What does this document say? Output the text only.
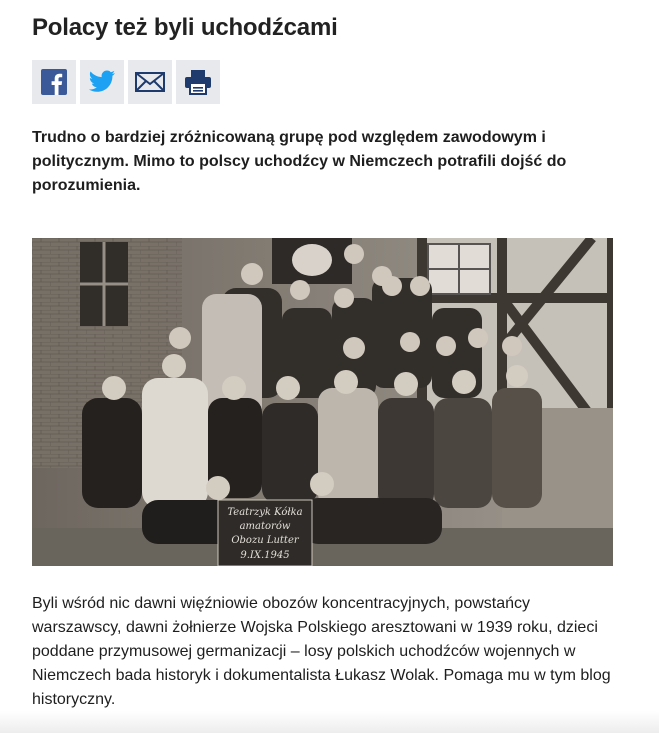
Polacy też byli uchodźcami

Trudno o bardziej zróżnicowaną grupę pod względem zawodowym i politycznym. Mimo to polscy uchodźcy w Niemczech potrafili dojść do porozumienia.

Teatrzyk Kółka
amatorów
Obozu Lutter
9.IX.1945

Byli wśród nic dawni więźniowie obozów koncentracyjnych, powstańcy warszawscy, dawni żołnierze Wojska Polskiego aresztowani w 1939 roku, dzieci poddane przymusowej germanizacji – losy polskich uchodźców wojennych w Niemczech bada historyk i dokumentalista Łukasz Wolak. Pomaga mu w tym blog historyczny.
